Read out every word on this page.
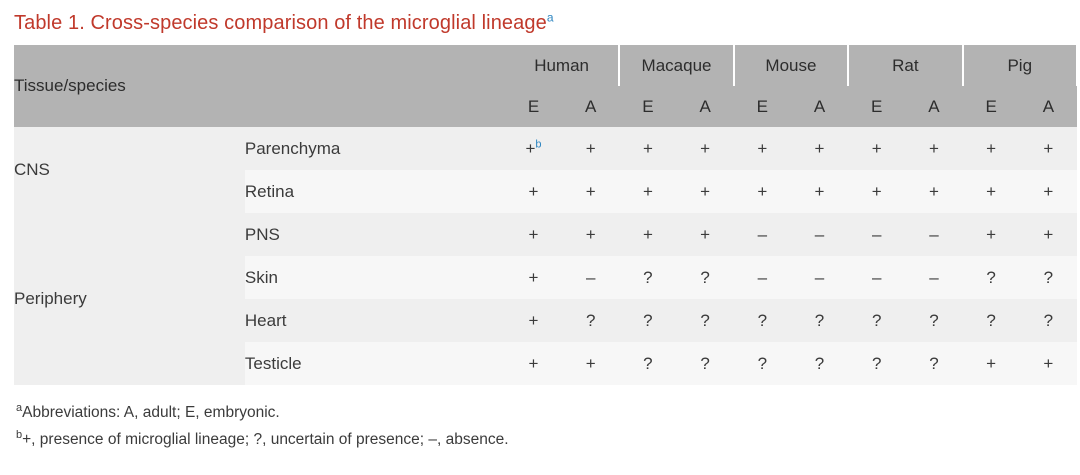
Table 1. Cross-species comparison of the microglial lineage$^a$
Tissue/species		Human		Macaque		Mouse		Rat		Pig	
		E	A	E	A	E	A	E	A	E	A
CNS	Parenchyma	+$^b$	+	+	+	+	+	+	+	+	+
	Retina	+	+	+	+	+	+	+	+	+	+
Periphery	PNS	+	+	+	+	–	–	–	–	+	+
	Skin	+	–	?	?	–	–	–	–	?	?
	Heart	+	?	?	?	?	?	?	?	?	?
	Testicle	+	+	?	?	?	?	?	?	+	+
$^a$Abbreviations: A, adult; E, embryonic.
$^b$+, presence of microglial lineage; ?, uncertain of presence; –, absence.
